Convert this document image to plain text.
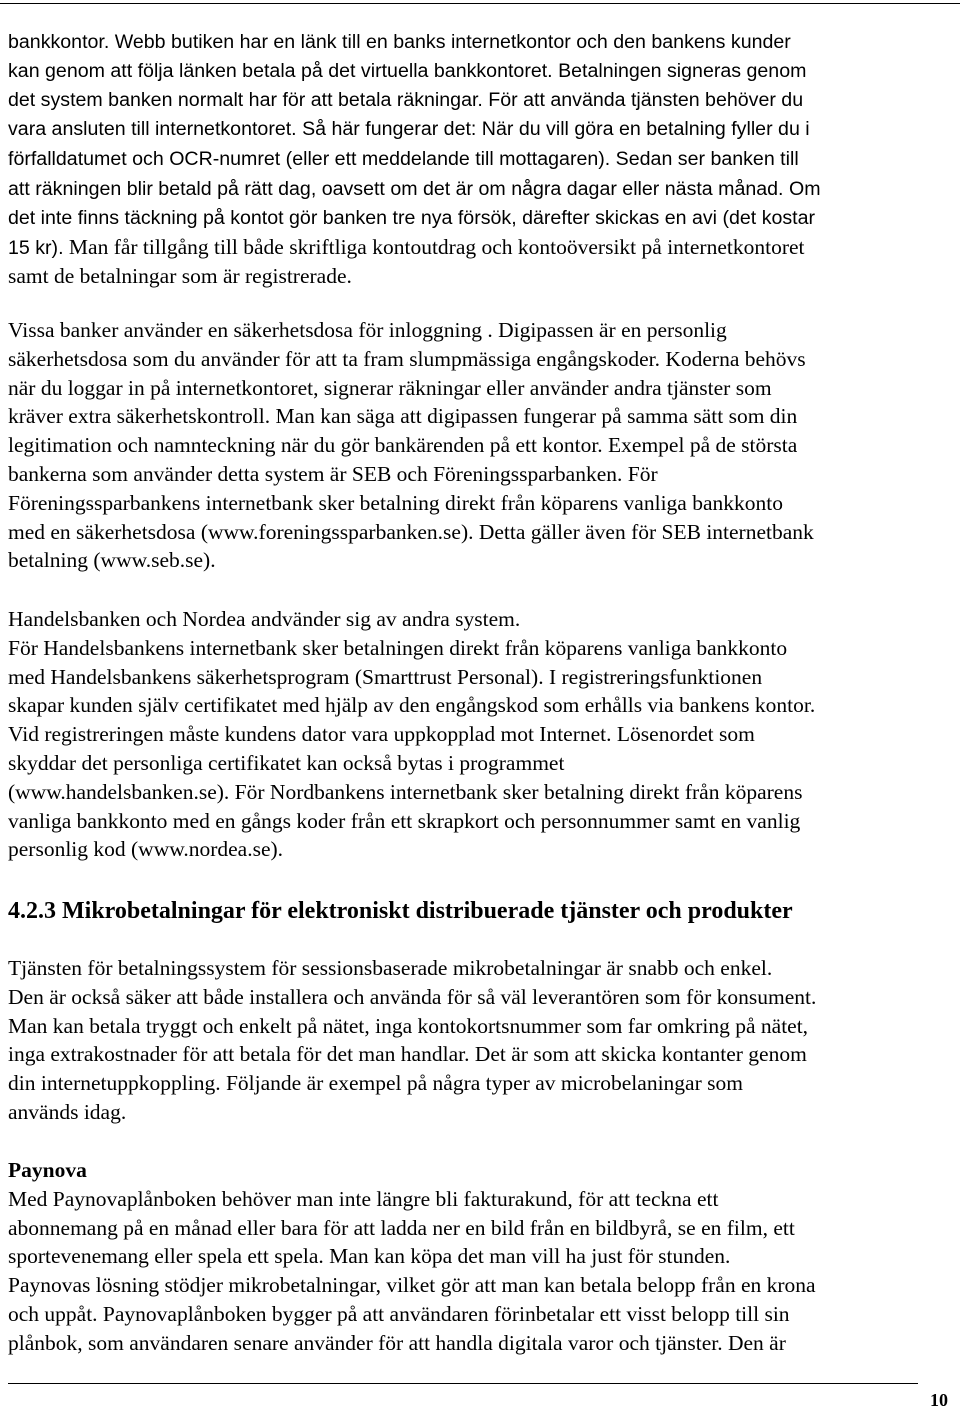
bankkontor. Webb butiken har en länk till en banks internetkontor och den bankens kunder
kan genom att följa länken betala på det virtuella bankkontoret. Betalningen signeras genom
det system banken normalt har för att betala räkningar. För att använda tjänsten behöver du
vara ansluten till internetkontoret. Så här fungerar det: När du vill göra en betalning fyller du i
förfalldatumet och OCR-numret (eller ett meddelande till mottagaren). Sedan ser banken till
att räkningen blir betald på rätt dag, oavsett om det är om några dagar eller nästa månad. Om
det inte finns täckning på kontot gör banken tre nya försök, därefter skickas en avi (det kostar
15 kr). Man får tillgång till både skriftliga kontoutdrag och kontoöversikt på internetkontoret
samt de betalningar som är registrerade.
Vissa banker använder en säkerhetsdosa för inloggning . Digipassen är en personlig
säkerhetsdosa som du använder för att ta fram slumpmässiga engångskoder. Koderna behövs
när du loggar in på internetkontoret, signerar räkningar eller använder andra tjänster som
kräver extra säkerhetskontroll. Man kan säga att digipassen fungerar på samma sätt som din
legitimation och namnteckning när du gör bankärenden på ett kontor. Exempel på de största
bankerna som använder detta system är SEB och Föreningssparbanken. För
Föreningssparbankens internetbank sker betalning direkt från köparens vanliga bankkonto
med en säkerhetsdosa (www.foreningssparbanken.se). Detta gäller även för SEB internetbank
betalning (www.seb.se).
Handelsbanken och Nordea andvänder sig av andra system.
För Handelsbankens internetbank sker betalningen direkt från köparens vanliga bankkonto
med Handelsbankens säkerhetsprogram (Smarttrust Personal). I registreringsfunktionen
skapar kunden själv certifikatet med hjälp av den engångskod som erhålls via bankens kontor.
Vid registreringen måste kundens dator vara uppkopplad mot Internet. Lösenordet som
skyddar det personliga certifikatet kan också bytas i programmet
(www.handelsbanken.se). För Nordbankens internetbank sker betalning direkt från köparens
vanliga bankkonto med en gångs koder från ett skrapkort och personnummer samt en vanlig
personlig kod (www.nordea.se).
4.2.3 Mikrobetalningar för elektroniskt distribuerade tjänster och produkter
Tjänsten för betalningssystem för sessionsbaserade mikrobetalningar är snabb och enkel.
Den är också säker att både installera och använda för så väl leverantören som för konsument.
Man kan betala tryggt och enkelt på nätet, inga kontokortsnummer som far omkring på nätet,
inga extrakostnader för att betala för det man handlar. Det är som att skicka kontanter genom
din internetuppkoppling. Följande är exempel på några typer av microbelaningar som
används idag.
Paynova
Med Paynovaplånboken behöver man inte längre bli fakturakund, för att teckna ett
abonnemang på en månad eller bara för att ladda ner en bild från en bildbyrå, se en film, ett
sportevenemang eller spela ett spela. Man kan köpa det man vill ha just för stunden.
Paynovas lösning stödjer mikrobetalningar, vilket gör att man kan betala belopp från en krona
och uppåt. Paynovaplånboken bygger på att användaren förinbetalar ett visst belopp till sin
plånbok, som användaren senare använder för att handla digitala varor och tjänster. Den är
10
